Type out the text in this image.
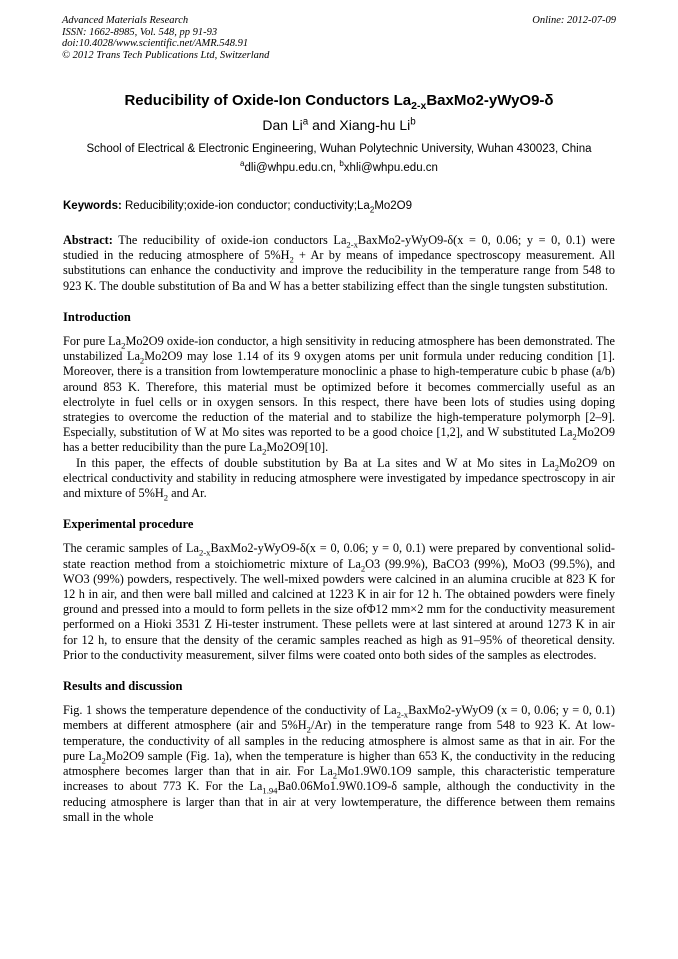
Advanced Materials Research
ISSN: 1662-8985, Vol. 548, pp 91-93
doi:10.4028/www.scientific.net/AMR.548.91
© 2012 Trans Tech Publications Ltd, Switzerland
Online: 2012-07-09
Reducibility of Oxide-Ion Conductors $La_{2-x}BaxMo2-yWyO9-\delta$
Dan Li$^a$ and Xiang-hu Li$^b$
School of Electrical & Electronic Engineering, Wuhan Polytechnic University, Wuhan 430023, China
$^a$dli@whpu.edu.cn, $^b$xhli@whpu.edu.cn
Keywords: Reducibility;oxide-ion conductor; $conductivity;La_2Mo2O9$

Abstract: The reducibility of oxide-ion conductors $La_{2-x}BaxMo2-yWyO9-\delta(x = 0$, 0.06; y = 0, 0.1) were studied in the reducing atmosphere of $5\%H_2 + Ar$ by means of impedance spectroscopy measurement. All substitutions can enhance the conductivity and improve the reducibility in the temperature range from 548 to 923 K. The double substitution of Ba and W has a better stabilizing effect than the single tungsten substitution.

Introduction

For pure $La_2Mo2O9$ oxide-ion conductor, a high sensitivity in reducing atmosphere has been demonstrated. The unstabilized $La_2Mo2O9$ may lose 1.14 of its 9 oxygen atoms per unit formula under reducing condition [1]. Moreover, there is a transition from lowtemperature monoclinic a phase to high-temperature cubic b phase (a/b) around 853 K. Therefore, this material must be optimized before it becomes commercially useful as an electrolyte in fuel cells or in oxygen sensors. In this respect, there have been lots of studies using doping strategies to overcome the reduction of the material and to stabilize the high-temperature polymorph [2–9]. Especially, substitution of W at Mo sites was reported to be a good choice [1,2], and W substituted $La_2Mo2O9$ has a better reducibility than the pure $La_2Mo2O9[10]$.

In this paper, the effects of double substitution by Ba at La sites and W at Mo sites in $La_2Mo2O9$ on electrical conductivity and stability in reducing atmosphere were investigated by impedance spectroscopy in air and mixture of $5\%H_2$ and Ar.

Experimental procedure

The ceramic samples of $La_{2-x}BaxMo2-yWyO9-\delta(x = 0$, 0.06; y = 0, 0.1) were prepared by conventional solid-state reaction method from a stoichiometric mixture of $La_2O3$ (99.9%), BaCO3 (99%), MoO3 (99.5%), and WO3 (99%) powders, respectively. The well-mixed powders were calcined in an alumina crucible at 823 K for 12 h in air, and then were ball milled and calcined at 1223 K in air for 12 h. The obtained powders were finely ground and pressed into a mould to form pellets in the size ofΦ12 mm×2 mm for the conductivity measurement performed on a Hioki 3531 Z Hi-tester instrument. These pellets were at last sintered at around 1273 K in air for 12 h, to ensure that the density of the ceramic samples reached as high as 91–95% of theoretical density. Prior to the conductivity measurement, silver films were coated onto both sides of the samples as electrodes.

Results and discussion

Fig. 1 shows the temperature dependence of the conductivity of $La_{2-x}BaxMo2-yWyO9$ (x = 0, 0.06; y = 0, 0.1) members at different atmosphere (air and $5\%H_2/Ar$) in the temperature range from 548 to 923 K. At low-temperature, the conductivity of all samples in the reducing atmosphere is almost same as that in air. For the pure $La_2Mo2O9$ sample (Fig. 1a), when the temperature is higher than 653 K, the conductivity in the reducing atmosphere becomes larger than that in air. For $La_2Mo1.9W0.1O9$ sample, this characteristic temperature increases to about 773 K. For the $La_{1.94}Ba0.06Mo1.9W0.1O9-\delta$ sample, although the conductivity in the reducing atmosphere is larger than that in air at very lowtemperature, the difference between them remains small in the whole
